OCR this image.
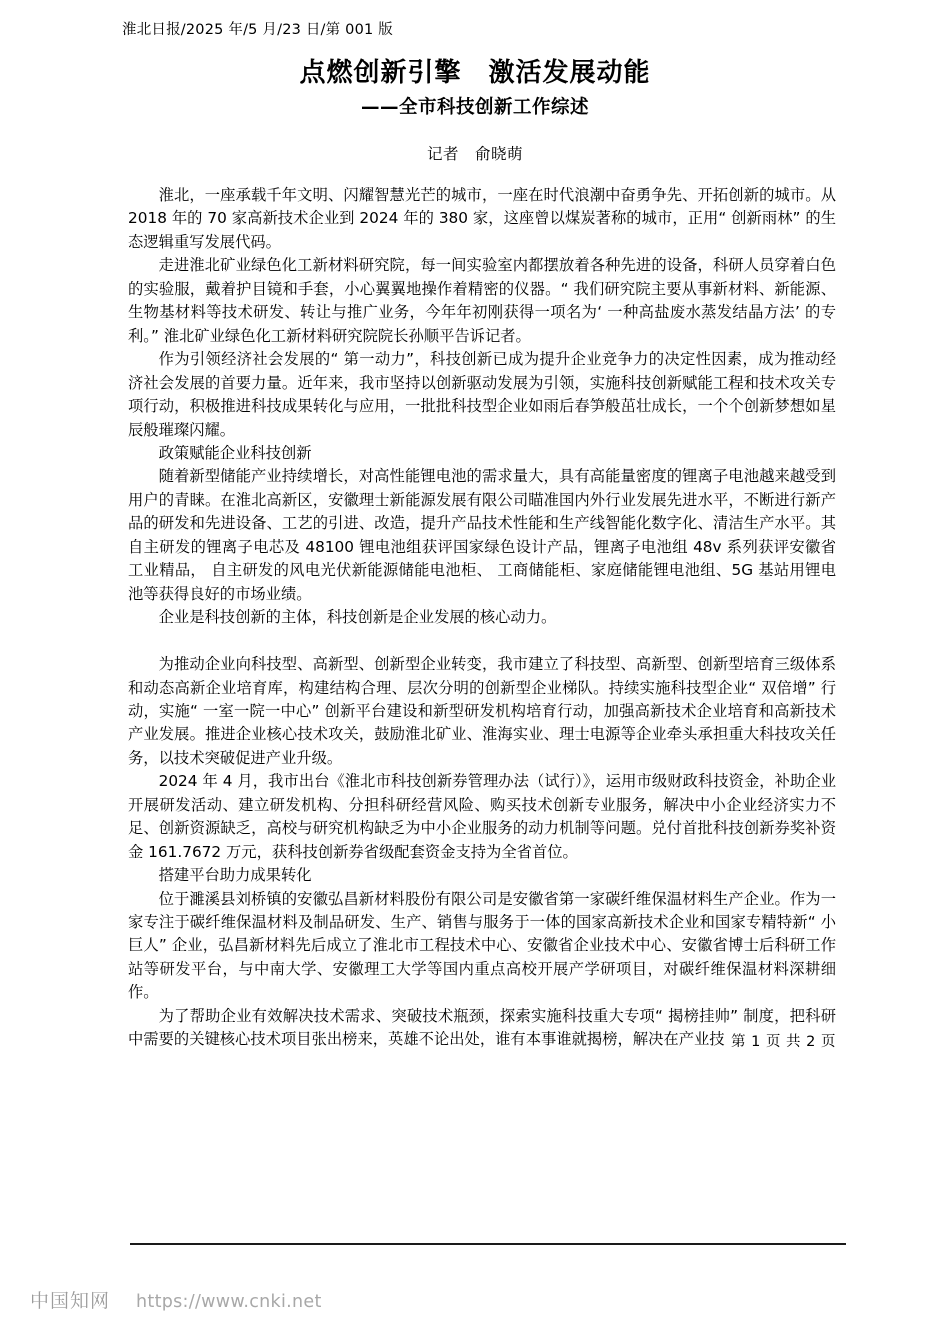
淮北日报/2025 年/5 月/23 日/第 001 版
点燃创新引擎　激活发展动能
——全市科技创新工作综述
记者　俞晓萌

淮北，一座承载千年文明、闪耀智慧光芒的城市，一座在时代浪潮中奋勇争先、开拓创新的城市。从 2018 年的 70 家高新技术企业到 2024 年的 380 家，这座曾以煤炭著称的城市，正用“ 创新雨林” 的生态逻辑重写发展代码。

走进淮北矿业绿色化工新材料研究院，每一间实验室内都摆放着各种先进的设备，科研人员穿着白色的实验服，戴着护目镜和手套，小心翼翼地操作着精密的仪器。“ 我们研究院主要从事新材料、新能源、生物基材料等技术研发、转让与推广业务，今年年初刚获得一项名为‘ 一种高盐废水蒸发结晶方法’ 的专利。” 淮北矿业绿色化工新材料研究院院长孙顺平告诉记者。

作为引领经济社会发展的“ 第一动力”，科技创新已成为提升企业竞争力的决定性因素，成为推动经济社会发展的首要力量。近年来，我市坚持以创新驱动发展为引领，实施科技创新赋能工程和技术攻关专项行动，积极推进科技成果转化与应用，一批批科技型企业如雨后春笋般茁壮成长，一个个创新梦想如星辰般璀璨闪耀。

政策赋能企业科技创新

随着新型储能产业持续增长，对高性能锂电池的需求量大，具有高能量密度的锂离子电池越来越受到用户的青睐。在淮北高新区，安徽理士新能源发展有限公司瞄准国内外行业发展先进水平，不断进行新产品的研发和先进设备、工艺的引进、改造，提升产品技术性能和生产线智能化数字化、清洁生产水平。其自主研发的锂离子电芯及 48100 锂电池组获评国家绿色设计产品，锂离子电池组 48v 系列获评安徽省工业精品， 自主研发的风电光伏新能源储能电池柜、 工商储能柜、家庭储能锂电池组、5G 基站用锂电池等获得良好的市场业绩。

企业是科技创新的主体，科技创新是企业发展的核心动力。

为推动企业向科技型、高新型、创新型企业转变，我市建立了科技型、高新型、创新型培育三级体系和动态高新企业培育库，构建结构合理、层次分明的创新型企业梯队。持续实施科技型企业“ 双倍增” 行动，实施“ 一室一院一中心” 创新平台建设和新型研发机构培育行动，加强高新技术企业培育和高新技术产业发展。推进企业核心技术攻关，鼓励淮北矿业、淮海实业、理士电源等企业牵头承担重大科技攻关任务，以技术突破促进产业升级。

2024 年 4 月，我市出台《淮北市科技创新券管理办法（试行）》，运用市级财政科技资金，补助企业开展研发活动、建立研发机构、分担科研经营风险、购买技术创新专业服务，解决中小企业经济实力不足、创新资源缺乏，高校与研究机构缺乏为中小企业服务的动力机制等问题。兑付首批科技创新券奖补资金 161.7672 万元，获科技创新券省级配套资金支持为全省首位。

搭建平台助力成果转化

位于濉溪县刘桥镇的安徽弘昌新材料股份有限公司是安徽省第一家碳纤维保温材料生产企业。作为一家专注于碳纤维保温材料及制品研发、生产、销售与服务于一体的国家高新技术企业和国家专精特新“ 小巨人” 企业，弘昌新材料先后成立了淮北市工程技术中心、安徽省企业技术中心、安徽省博士后科研工作站等研发平台，与中南大学、安徽理工大学等国内重点高校开展产学研项目，对碳纤维保温材料深耕细作。

为了帮助企业有效解决技术需求、突破技术瓶颈，探索实施科技重大专项“ 揭榜挂帅” 制度，把科研中需要的关键核心技术项目张出榜来，英雄不论出处，谁有本事谁就揭榜，解决在产业技 第 1 页 共 2 页
中国知网 https://www.cnki.net
